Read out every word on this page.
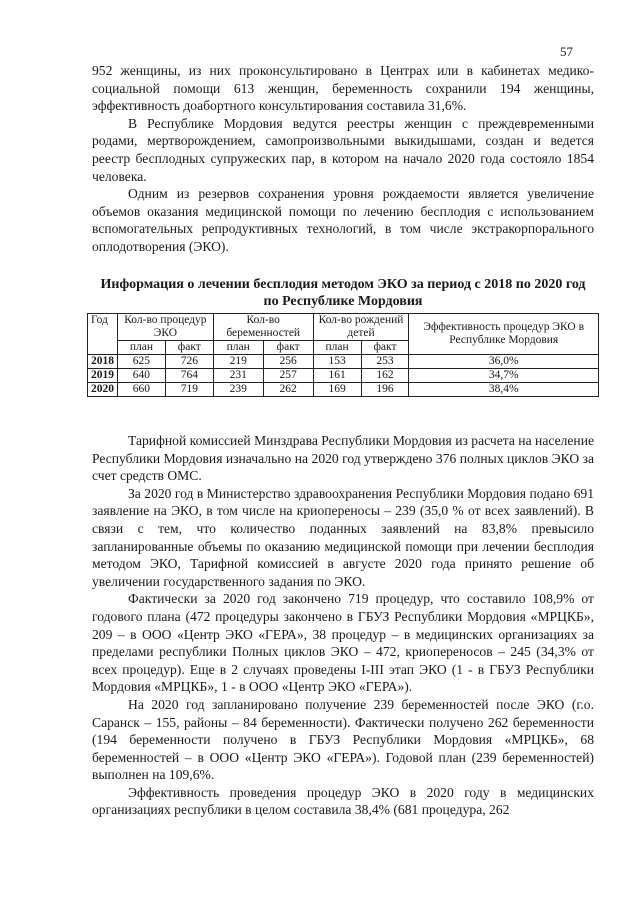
57

952 женщины, из них проконсультировано в Центрах или в кабинетах медико-социальной помощи 613 женщин, беременность сохранили 194 женщины, эффективность доабортного консультирования составила 31,6%.

В Республике Мордовия ведутся реестры женщин с преждевременными родами, мертворождением, самопроизвольными выкидышами, создан и ведется реестр бесплодных супружеских пар, в котором на начало 2020 года состояло 1854 человека.

Одним из резервов сохранения уровня рождаемости является увеличение объемов оказания медицинской помощи по лечению бесплодия с использованием вспомогательных репродуктивных технологий, в том числе экстракорпорального оплодотворения (ЭКО).

Информация о лечении бесплодия методом ЭКО за период с 2018 по 2020 год по Республике Мордовия
Год	Кол-во процедур ЭКО		Кол-во беременностей		Кол-во рождений детей		Эффективность процедур ЭКО в Республике Мордовия
	план	факт	план	факт	план	факт	
2018	625	726	219	256	153	253	36,0%
2019	640	764	231	257	161	162	34,7%
2020	660	719	239	262	169	196	38,4%

Тарифной комиссией Минздрава Республики Мордовия из расчета на население Республики Мордовия изначально на 2020 год утверждено 376 полных циклов ЭКО за счет средств ОМС.

За 2020 год в Министерство здравоохранения Республики Мордовия подано 691 заявление на ЭКО, в том числе на криопереносы – 239 (35,0 % от всех заявлений). В связи с тем, что количество поданных заявлений на 83,8% превысило запланированные объемы по оказанию медицинской помощи при лечении бесплодия методом ЭКО, Тарифной комиссией в августе 2020 года принято решение об увеличении государственного задания по ЭКО.

Фактически за 2020 год закончено 719 процедур, что составило 108,9% от годового плана (472 процедуры закончено в ГБУЗ Республики Мордовия «МРЦКБ», 209 – в ООО «Центр ЭКО «ГЕРА», 38 процедур – в медицинских организациях за пределами республики Полных циклов ЭКО – 472, криопереносов – 245 (34,3% от всех процедур). Еще в 2 случаях проведены I-III этап ЭКО (1 - в ГБУЗ Республики Мордовия «МРЦКБ», 1 - в ООО «Центр ЭКО «ГЕРА»).

На 2020 год запланировано получение 239 беременностей после ЭКО (г.о. Саранск – 155, районы – 84 беременности). Фактически получено 262 беременности (194 беременности получено в ГБУЗ Республики Мордовия «МРЦКБ», 68 беременностей – в ООО «Центр ЭКО «ГЕРА»). Годовой план (239 беременностей) выполнен на 109,6%.

Эффективность проведения процедур ЭКО в 2020 году в медицинских организациях республики в целом составила 38,4% (681 процедура, 262
